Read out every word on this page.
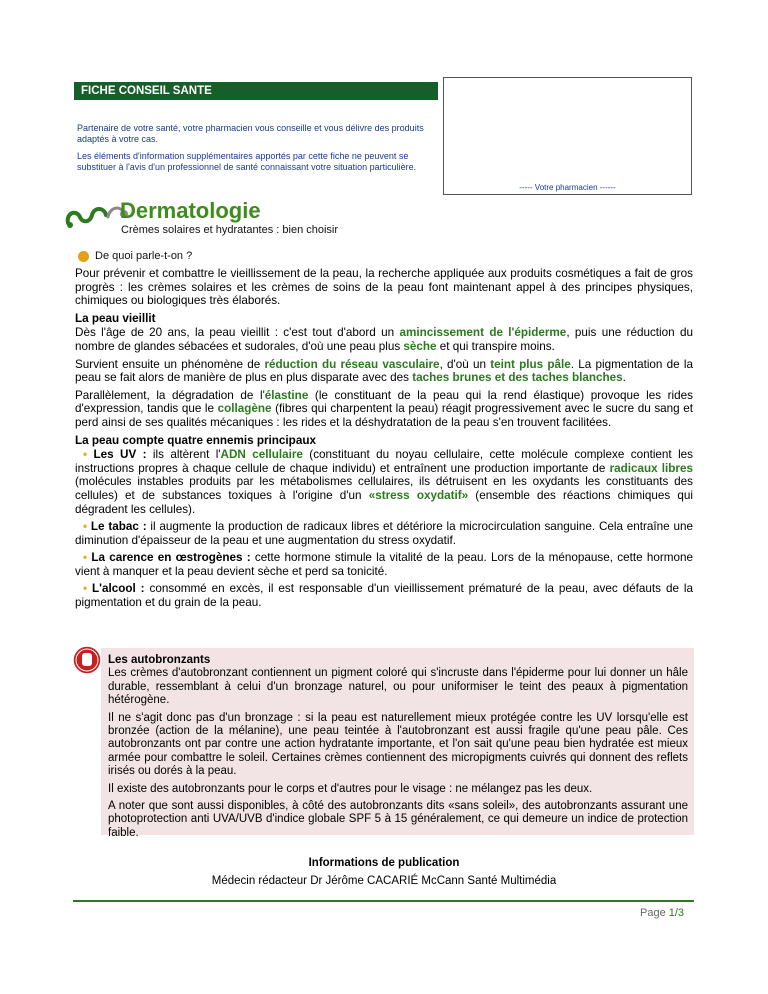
FICHE CONSEIL SANTE
Partenaire de votre santé, votre pharmacien vous conseille et vous délivre des produits adaptés à votre cas.
Les éléments d'information supplémentaires apportés par cette fiche ne peuvent se substituer à l'avis d'un professionnel de santé connaissant votre situation particulière.
----- Votre pharmacien ------
Dermatologie
Crèmes solaires et hydratantes : bien choisir
De quoi parle-t-on ?

Pour prévenir et combattre le vieillissement de la peau, la recherche appliquée aux produits cosmétiques a fait de gros progrès : les crèmes solaires et les crèmes de soins de la peau font maintenant appel à des principes physiques, chimiques ou biologiques très élaborés.

La peau vieillit

Dès l'âge de 20 ans, la peau vieillit : c'est tout d'abord un amincissement de l'épiderme, puis une réduction du nombre de glandes sébacées et sudorales, d'où une peau plus sèche et qui transpire moins.

Survient ensuite un phénomène de réduction du réseau vasculaire, d'où un teint plus pâle. La pigmentation de la peau se fait alors de manière de plus en plus disparate avec des taches brunes et des taches blanches.

Parallèlement, la dégradation de l'élastine (le constituant de la peau qui la rend élastique) provoque les rides d'expression, tandis que le collagène (fibres qui charpentent la peau) réagit progressivement avec le sucre du sang et perd ainsi de ses qualités mécaniques : les rides et la déshydratation de la peau s'en trouvent facilitées.

La peau compte quatre ennemis principaux

• Les UV : ils altèrent l'ADN cellulaire (constituant du noyau cellulaire, cette molécule complexe contient les instructions propres à chaque cellule de chaque individu) et entraînent une production importante de radicaux libres (molécules instables produits par les métabolismes cellulaires, ils détruisent en les oxydants les constituants des cellules) et de substances toxiques à l'origine d'un «stress oxydatif» (ensemble des réactions chimiques qui dégradent les cellules).

• Le tabac : il augmente la production de radicaux libres et détériore la microcirculation sanguine. Cela entraîne une diminution d'épaisseur de la peau et une augmentation du stress oxydatif.

• La carence en œstrogènes : cette hormone stimule la vitalité de la peau. Lors de la ménopause, cette hormone vient à manquer et la peau devient sèche et perd sa tonicité.

• L'alcool : consommé en excès, il est responsable d'un vieillissement prématuré de la peau, avec défauts de la pigmentation et du grain de la peau.

Les autobronzants

Les crèmes d'autobronzant contiennent un pigment coloré qui s'incruste dans l'épiderme pour lui donner un hâle durable, ressemblant à celui d'un bronzage naturel, ou pour uniformiser le teint des peaux à pigmentation hétérogène.

Il ne s'agit donc pas d'un bronzage : si la peau est naturellement mieux protégée contre les UV lorsqu'elle est bronzée (action de la mélanine), une peau teintée à l'autobronzant est aussi fragile qu'une peau pâle. Ces autobronzants ont par contre une action hydratante importante, et l'on sait qu'une peau bien hydratée est mieux armée pour combattre le soleil. Certaines crèmes contiennent des micropigments cuivrés qui donnent des reflets irisés ou dorés à la peau.

Il existe des autobronzants pour le corps et d'autres pour le visage : ne mélangez pas les deux.

A noter que sont aussi disponibles, à côté des autobronzants dits «sans soleil», des autobronzants assurant une photoprotection anti UVA/UVB d'indice globale SPF 5 à 15 généralement, ce qui demeure un indice de protection faible.

Informations de publication
Médecin rédacteur Dr Jérôme CACARIÉ McCann Santé Multimédia
Page 1/3
